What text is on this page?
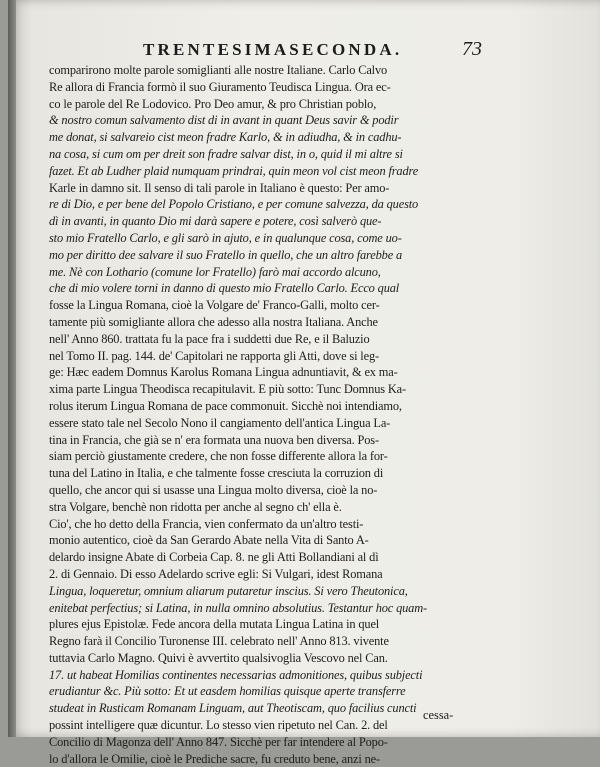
TRENTESIMASECONDA.	73
comparirono molte parole somiglianti alle nostre Italiane. Carlo Calvo
Re allora di Francia formò il suo Giuramento Teudisca Lingua. Ora ec-
co le parole del Re Lodovico. Pro Deo amur, & pro Christian poblo,
& nostro comun salvamento dist di in avant in quant Deus savir & podir
me donat, si salvareio cist meon fradre Karlo, & in adiudha, & in cadhu-
na cosa, si cum om per dreit son fradre salvar dist, in o, quid il mi altre si
fazet. Et ab Ludher plaid numquam prindrai, quin meon vol cist meon fradre
Karle in damno sit. Il senso di tali parole in Italiano è questo: Per amo-
re di Dio, e per bene del Popolo Cristiano, e per comune salvezza, da questo
dì in avanti, in quanto Dio mi darà sapere e potere, così salverò que-
sto mio Fratello Carlo, e gli sarò in ajuto, e in qualunque cosa, come uo-
mo per diritto dee salvare il suo Fratello in quello, che un altro farebbe a
me. Nè con Lothario (comune lor Fratello) farò mai accordo alcuno,
che di mio volere torni in danno di questo mio Fratello Carlo. Ecco qual
fosse la Lingua Romana, cioè la Volgare de' Franco-Galli, molto cer-
tamente più somigliante allora che adesso alla nostra Italiana. Anche
nell' Anno 860. trattata fu la pace fra i suddetti due Re, e il Baluzio
nel Tomo II. pag. 144. de' Capitolari ne rapporta gli Atti, dove si leg-
ge: Hæc eadem Domnus Karolus Romana Lingua adnuntiavit, & ex ma-
xima parte Lingua Theodisca recapitulavit. E più sotto: Tunc Domnus Ka-
rolus iterum Lingua Romana de pace commonuit. Sicchè noi intendiamo,
essere stato tale nel Secolo Nono il cangiamento dell'antica Lingua La-
tina in Francia, che già se n' era formata una nuova ben diversa. Pos-
siam perciò giustamente credere, che non fosse differente allora la for-
tuna del Latino in Italia, e che talmente fosse cresciuta la corruzion di
quello, che ancor qui si usasse una Lingua molto diversa, cioè la no-
stra Volgare, benchè non ridotta per anche al segno ch' ella è.
Cio', che ho detto della Francia, vien confermato da un'altro testi-
monio autentico, cioè da San Gerardo Abate nella Vita di Santo A-
delardo insigne Abate di Corbeia Cap. 8. ne gli Atti Bollandiani al dì
2. di Gennaio. Di esso Adelardo scrive egli: Si Vulgari, idest Romana
Lingua, loqueretur, omnium aliarum putaretur inscius. Si vero Theutonica,
enitebat perfectius; si Latina, in nulla omnino absolutius. Testantur hoc quam-
plures ejus Epistolæ. Fede ancora della mutata Lingua Latina in quel
Regno farà il Concilio Turonense III. celebrato nell' Anno 813. vivente
tuttavia Carlo Magno. Quivi è avvertito qualsivoglia Vescovo nel Can.
17. ut habeat Homilias continentes necessarias admonitiones, quibus subjecti
erudiantur &c. Più sotto: Et ut easdem homilias quisque aperte transferre
studeat in Rusticam Romanam Linguam, aut Theotiscam, quo facilius cuncti
possint intelligere quæ dicuntur. Lo stesso vien ripetuto nel Can. 2. del
Concilio di Magonza dell' Anno 847. Sicchè per far intendere al Popo-
lo d'allora le Omilie, cioè le Prediche sacre, fu creduto bene, anzi ne-
cessa-
